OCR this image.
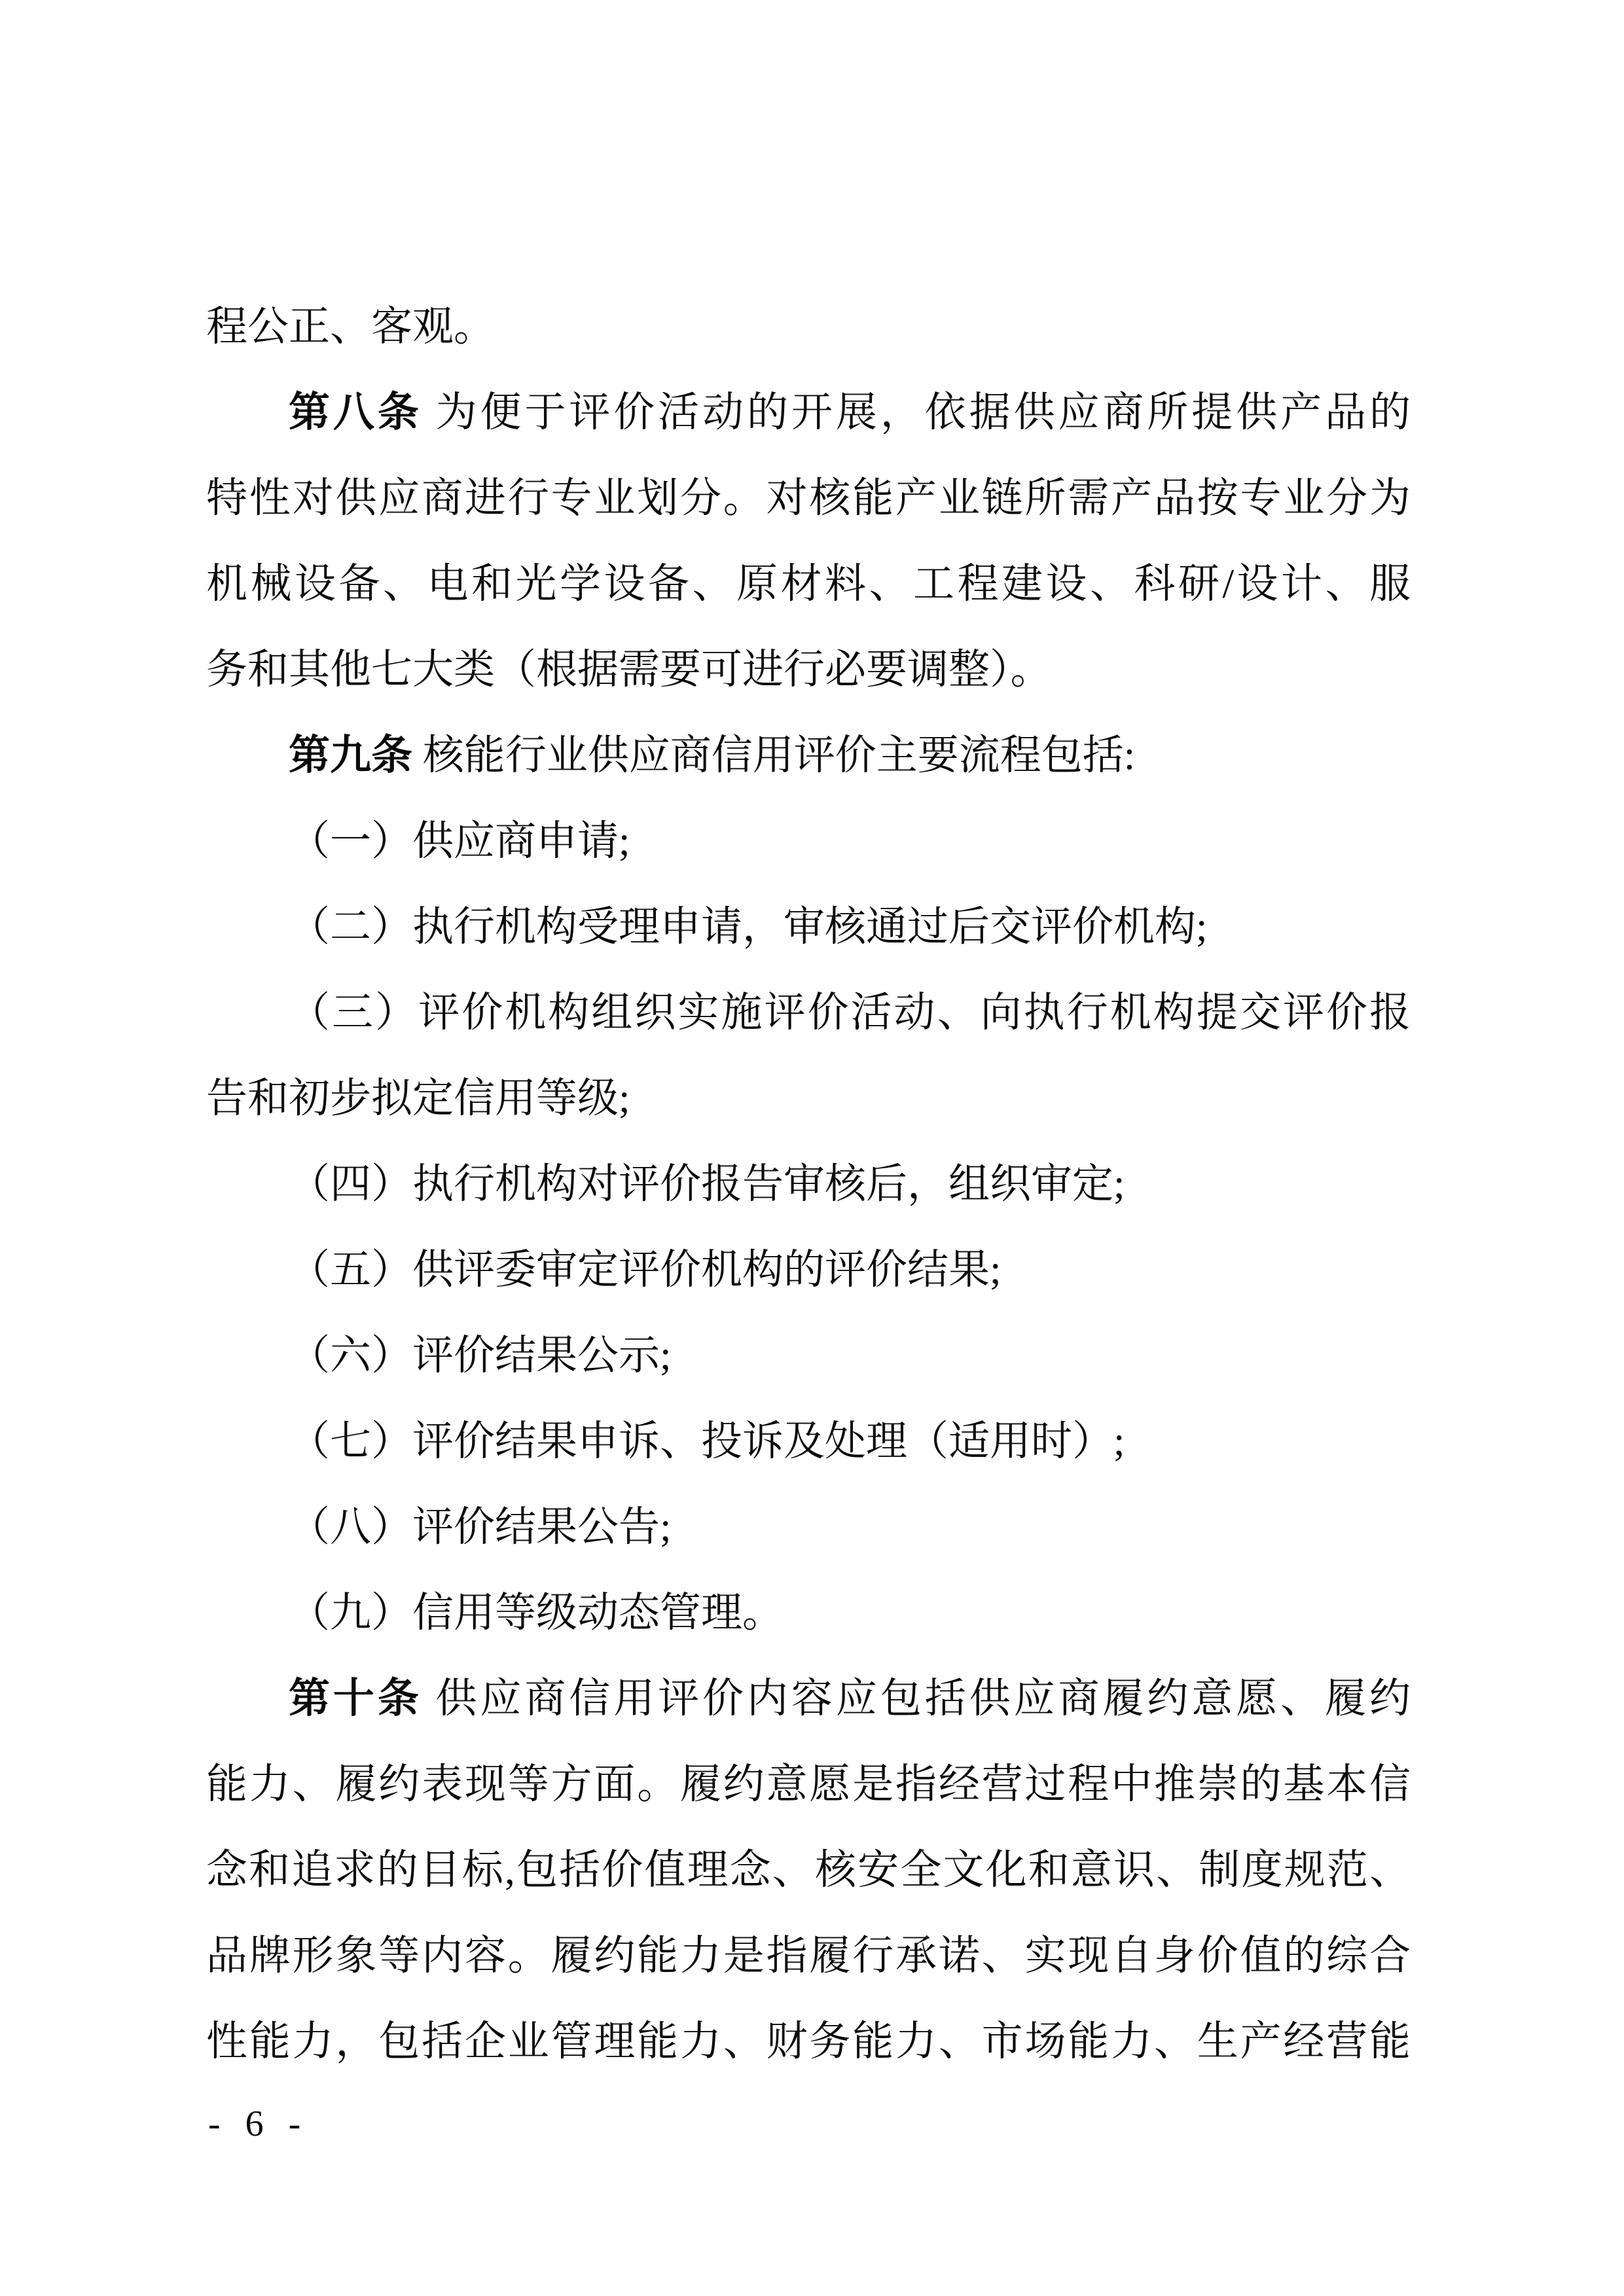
程公正、客观。
第八条 为便于评价活动的开展，依据供应商所提供产品的
特性对供应商进行专业划分。对核能产业链所需产品按专业分为
机械设备、电和光学设备、原材料、工程建设、科研/设计、服
务和其他七大类（根据需要可进行必要调整）。
第九条 核能行业供应商信用评价主要流程包括:
（一）供应商申请;
（二）执行机构受理申请，审核通过后交评价机构;
（三）评价机构组织实施评价活动、向执行机构提交评价报
告和初步拟定信用等级;
（四）执行机构对评价报告审核后，组织审定;
（五）供评委审定评价机构的评价结果;
（六）评价结果公示;
（七）评价结果申诉、投诉及处理（适用时）;
（八）评价结果公告;
（九）信用等级动态管理。
第十条 供应商信用评价内容应包括供应商履约意愿、履约
能力、履约表现等方面。履约意愿是指经营过程中推崇的基本信
念和追求的目标,包括价值理念、核安全文化和意识、制度规范、
品牌形象等内容。履约能力是指履行承诺、实现自身价值的综合
性能力，包括企业管理能力、财务能力、市场能力、生产经营能
- 6 -
